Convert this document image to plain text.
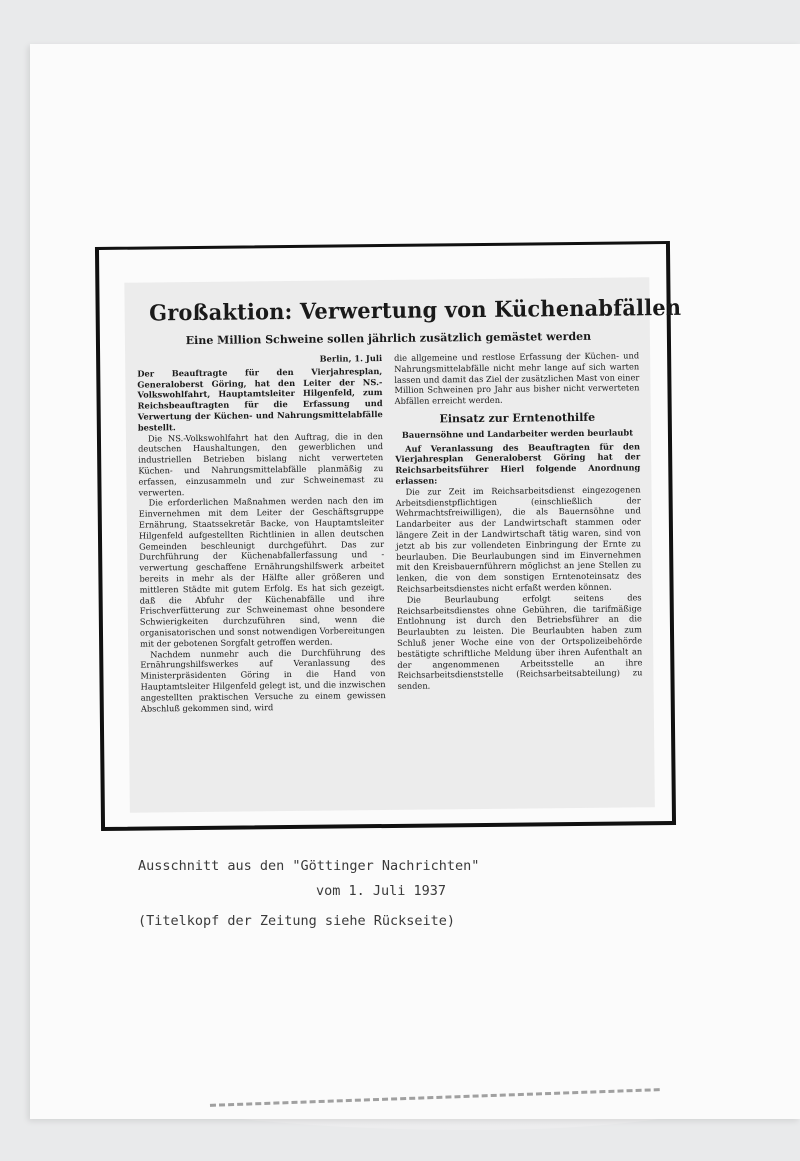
Großaktion: Verwertung von Küchenabfällen
Eine Million Schweine sollen jährlich zusätzlich gemästet werden
Berlin, 1. Juli

Der Beauftragte für den Vierjahresplan, Generaloberst Göring, hat den Leiter der NS.-Volkswohlfahrt, Hauptamtsleiter Hilgenfeld, zum Reichsbeauftragten für die Erfassung und Verwertung der Küchen- und Nahrungsmittelabfälle bestellt.

Die NS.-Volkswohlfahrt hat den Auftrag, die in den deutschen Haushaltungen, den gewerblichen und industriellen Betrieben bislang nicht verwerteten Küchen- und Nahrungsmittelabfälle planmäßig zu erfassen, einzusammeln und zur Schweinemast zu verwerten.

Die erforderlichen Maßnahmen werden nach den im Einvernehmen mit dem Leiter der Geschäftsgruppe Ernährung, Staatssekretär Backe, von Hauptamtsleiter Hilgenfeld aufgestellten Richtlinien in allen deutschen Gemeinden beschleunigt durchgeführt. Das zur Durchführung der Küchenabfallerfassung und -verwertung geschaffene Ernährungshilfswerk arbeitet bereits in mehr als der Hälfte aller größeren und mittleren Städte mit gutem Erfolg. Es hat sich gezeigt, daß die Abfuhr der Küchenabfälle und ihre Frischverfütterung zur Schweinemast ohne besondere Schwierigkeiten durchzuführen sind, wenn die organisatorischen und sonst notwendigen Vorbereitungen mit der gebotenen Sorgfalt getroffen werden.

Nachdem nunmehr auch die Durchführung des Ernährungshilfswerkes auf Veranlassung des Ministerpräsidenten Göring in die Hand von Hauptamtsleiter Hilgenfeld gelegt ist, und die inzwischen angestellten praktischen Versuche zu einem gewissen Abschluß gekommen sind, wird

die allgemeine und restlose Erfassung der Küchen- und Nahrungsmittelabfälle nicht mehr lange auf sich warten lassen und damit das Ziel der zusätzlichen Mast von einer Million Schweinen pro Jahr aus bisher nicht verwerteten Abfällen erreicht werden.

Einsatz zur Erntenothilfe
Bauernsöhne und Landarbeiter werden beurlaubt

Auf Veranlassung des Beauftragten für den Vierjahresplan Generaloberst Göring hat der Reichsarbeitsführer Hierl folgende Anordnung erlassen:

Die zur Zeit im Reichsarbeitsdienst eingezogenen Arbeitsdienstpflichtigen (einschließlich der Wehrmachtsfreiwilligen), die als Bauernsöhne und Landarbeiter aus der Landwirtschaft stammen oder längere Zeit in der Landwirtschaft tätig waren, sind von jetzt ab bis zur vollendeten Einbringung der Ernte zu beurlauben. Die Beurlaubungen sind im Einvernehmen mit den Kreisbauernführern möglichst an jene Stellen zu lenken, die von dem sonstigen Erntenoteinsatz des Reichsarbeitsdienstes nicht erfaßt werden können.

Die Beurlaubung erfolgt seitens des Reichsarbeitsdienstes ohne Gebühren, die tarifmäßige Entlohnung ist durch den Betriebsführer an die Beurlaubten zu leisten. Die Beurlaubten haben zum Schluß jener Woche eine von der Ortspolizeibehörde bestätigte schriftliche Meldung über ihren Aufenthalt an der angenommenen Arbeitsstelle an ihre Reichsarbeitsdienststelle (Reichsarbeitsabteilung) zu senden.

Ausschnitt aus den "Göttinger Nachrichten"
vom 1. Juli 1937
(Titelkopf der Zeitung siehe Rückseite)
